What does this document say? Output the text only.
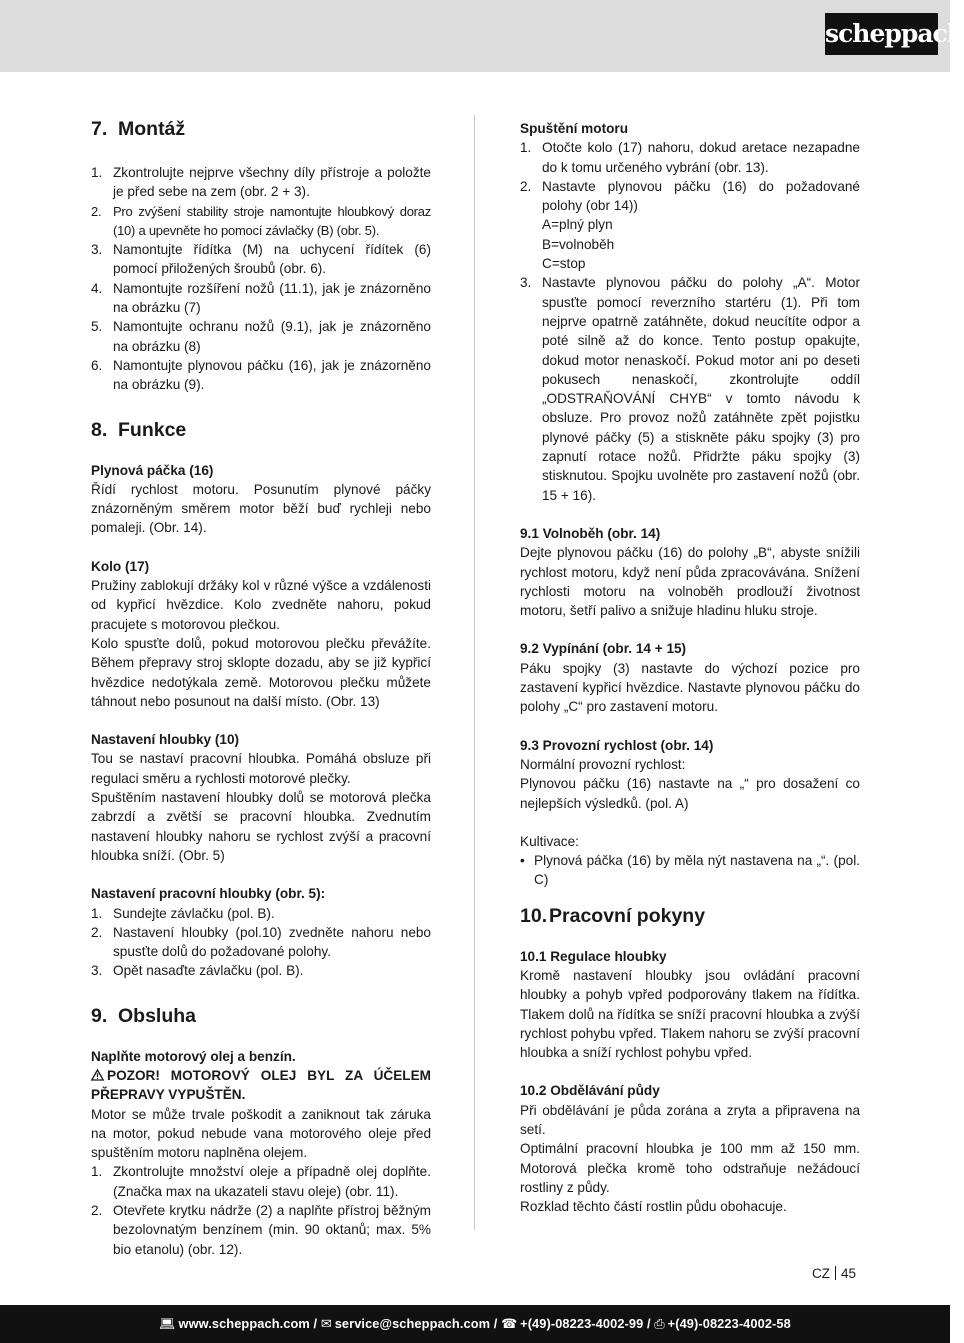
scheppach
7. Montáž
1. Zkontrolujte nejprve všechny díly přístroje a položte je před sebe na zem (obr. 2 + 3).
2. Pro zvýšení stability stroje namontujte hloubkový doraz (10) a upevněte ho pomocí závlačky (B) (obr. 5).
3. Namontujte řídítka (M) na uchycení řídítek (6) pomocí přiložených šroubů (obr. 6).
4. Namontujte rozšíření nožů (11.1), jak je znázorněno na obrázku (7)
5. Namontujte ochranu nožů (9.1), jak je znázorněno na obrázku (8)
6. Namontujte plynovou páčku (16), jak je znázorněno na obrázku (9).
8. Funkce
Plynová páčka (16)
Řídí rychlost motoru. Posunutím plynové páčky znázorněným směrem motor běží buď rychleji nebo pomaleji. (Obr. 14).
Kolo (17)
Pružiny zablokují držáky kol v různé výšce a vzdálenosti od kypřicí hvězdice. Kolo zvedněte nahoru, pokud pracujete s motorovou plečkou.
Kolo spusťte dolů, pokud motorovou plečku převážíte. Během přepravy stroj sklopte dozadu, aby se již kypřicí hvězdice nedotýkala země. Motorovou plečku můžete táhnout nebo posunout na další místo. (Obr. 13)
Nastavení hloubky (10)
Tou se nastaví pracovní hloubka. Pomáhá obsluze při regulaci směru a rychlosti motorové plečky.
Spuštěním nastavení hloubky dolů se motorová plečka zabrzdí a zvětší se pracovní hloubka. Zvednutím nastavení hloubky nahoru se rychlost zvýší a pracovní hloubka sníží. (Obr. 5)
Nastavení pracovní hloubky (obr. 5):
1. Sundejte závlačku (pol. B).
2. Nastavení hloubky (pol.10) zvedněte nahoru nebo spusťte dolů do požadované polohy.
3. Opět nasaďte závlačku (pol. B).
9. Obsluha
Naplňte motorový olej a benzín.
POZOR! MOTOROVÝ OLEJ BYL ZA ÚČELEM PŘEPRAVY VYPUŠTĚN.
Motor se může trvale poškodit a zaniknout tak záruka na motor, pokud nebude vana motorového oleje před spuštěním motoru naplněna olejem.
1. Zkontrolujte množství oleje a případně olej doplňte. (Značka max na ukazateli stavu oleje) (obr. 11).
2. Otevřete krytku nádrže (2) a naplňte přístroj běžným bezolovnatým benzínem (min. 90 oktanů; max. 5% bio etanolu) (obr. 12).
Spuštění motoru
1. Otočte kolo (17) nahoru, dokud aretace nezapadne do k tomu určeného vybrání (obr. 13).
2. Nastavte plynovou páčku (16) do požadované polohy (obr 14))
A=plný plyn
B=volnoběh
C=stop
3. Nastavte plynovou páčku do polohy „A“. Motor spusťte pomocí reverzního startéru (1). Při tom nejprve opatrně zatáhněte, dokud neucítíte odpor a poté silně až do konce. Tento postup opakujte, dokud motor nenaskočí. Pokud motor ani po deseti pokusech nenaskočí, zkontrolujte oddíl „ODSTRAŇOVÁNÍ CHYB“ v tomto návodu k obsluze. Pro provoz nožů zatáhněte zpět pojistku plynové páčky (5) a stiskněte páku spojky (3) pro zapnutí rotace nožů. Přidržte páku spojky (3) stisknutou. Spojku uvolněte pro zastavení nožů (obr. 15 + 16).
9.1 Volnoběh (obr. 14)
Dejte plynovou páčku (16) do polohy „B“, abyste snížili rychlost motoru, když není půda zpracovávána. Snížení rychlosti motoru na volnoběh prodlouží životnost motoru, šetří palivo a snižuje hladinu hluku stroje.
9.2 Vypínání (obr. 14 + 15)
Páku spojky (3) nastavte do výchozí pozice pro zastavení kypřicí hvězdice. Nastavte plynovou páčku do polohy „C“ pro zastavení motoru.
9.3 Provozní rychlost (obr. 14)
Normální provozní rychlost:
Plynovou páčku (16) nastavte na „“ pro dosažení co nejlepších výsledků. (pol. A)
Kultivace:
• Plynová páčka (16) by měla nýt nastavena na „“. (pol. C)
10.Pracovní pokyny
10.1 Regulace hloubky
Kromě nastavení hloubky jsou ovládání pracovní hloubky a pohyb vpřed podporovány tlakem na řídítka. Tlakem dolů na řídítka se sníží pracovní hloubka a zvýší rychlost pohybu vpřed. Tlakem nahoru se zvýší pracovní hloubka a sníží rychlost pohybu vpřed.
10.2 Obdělávání půdy
Při obdělávání je půda zorána a zryta a připravena na setí.
Optimální pracovní hloubka je 100 mm až 150 mm. Motorová plečka kromě toho odstraňuje nežádoucí rostliny z půdy.
Rozklad těchto částí rostlin půdu obohacuje.
CZ 45
💻︎ www.scheppach.com / ✉︎ service@scheppach.com / ☎︎ +(49)-08223-4002-99 / ⎙ +(49)-08223-4002-58
